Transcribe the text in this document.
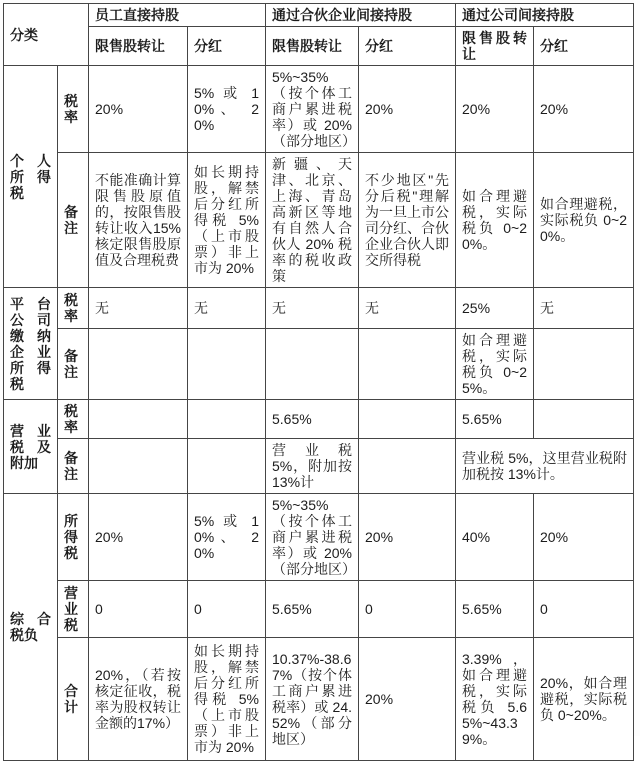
分类		员工直接持股		通过合伙企业间接持股		通过公司间接持股	
		限售股转让	分红	限售股转让	分红	限售股转让	分红
个人所得税	税率	20%	5% 或 10%、 20%	5%~35%（按个体工商户累进税率）或 20%（部分地区）	20%	20%	20%
	备注	不能准确计算限售股原值的，按限售股转让收入15% 核定限售股原值及合理税费	如长期持股，解禁后分红所得税 5%（上市股票）非上市为 20%	新疆、天津、北京、上海、青岛高新区等地有自然人合伙人 20% 税率的税收政策	不少地区"先分后税"理解为一旦上市公司分红、合伙企业合伙人即交所得税	如合理避税，实际税负 0~20%。	如合理避税，实际税负 0~20%。
平台公司缴纳企业所得税	税率	无	无	无	无	25%	无
	备注					如合理避税，实际税负 0~25%。	
营业税及附加	税率			5.65%		5.65%	
	备注			营业税 5%，附加按 13%计		营业税 5%，这里营业税附加税按 13%计。	
综合税负	所得税	20%	5% 或 10%、 20%	5%~35%（按个体工商户累进税率）或 20%（部分地区）	20%	40%	20%
	营业税	0	0	5.65%	0	5.65%	0
	合计	20%，（若按核定征收，税率为股权转让金额的17%）	如长期持股，解禁后分红所得税 5%（上市股票）非上市为 20%	10.37%-38.67%（按个体工商户累进税率）或 24.52%（部分地区）	20%	3.39%，如合理避税，实际税负 5.65%~43.39%。	20%，如合理避税，实际税负 0~20%。
